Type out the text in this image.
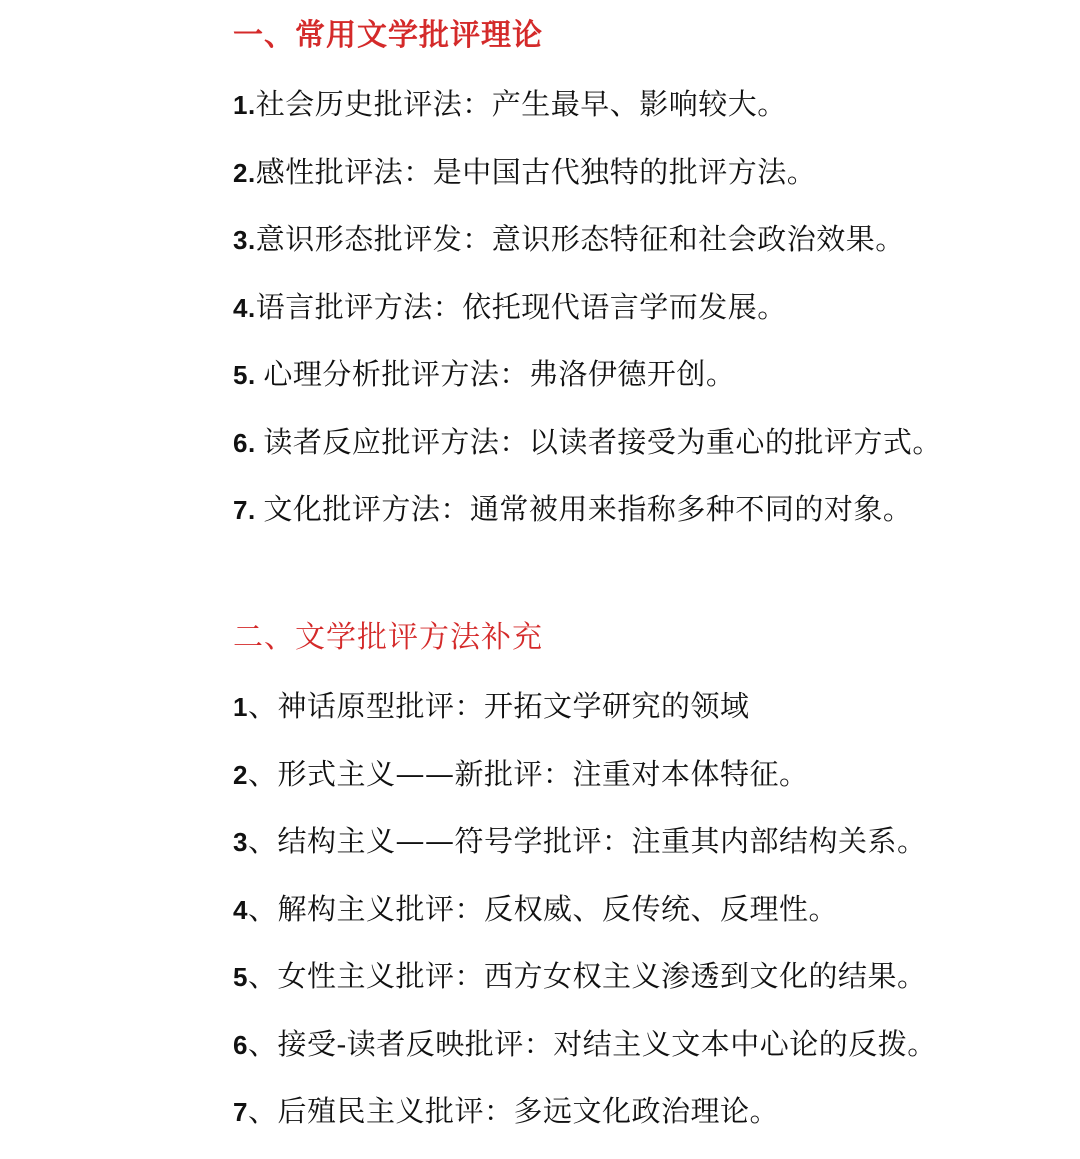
一、常用文学批评理论
1.社会历史批评法：产生最早、影响较大。
2.感性批评法：是中国古代独特的批评方法。
3.意识形态批评发：意识形态特征和社会政治效果。
4.语言批评方法：依托现代语言学而发展。
5. 心理分析批评方法：弗洛伊德开创。
6. 读者反应批评方法：以读者接受为重心的批评方式。
7. 文化批评方法：通常被用来指称多种不同的对象。
二、文学批评方法补充
1、神话原型批评：开拓文学研究的领域
2、形式主义——新批评：注重对本体特征。
3、结构主义——符号学批评：注重其内部结构关系。
4、解构主义批评：反权威、反传统、反理性。
5、女性主义批评：西方女权主义渗透到文化的结果。
6、接受-读者反映批评：对结主义文本中心论的反拨。
7、后殖民主义批评：多远文化政治理论。
